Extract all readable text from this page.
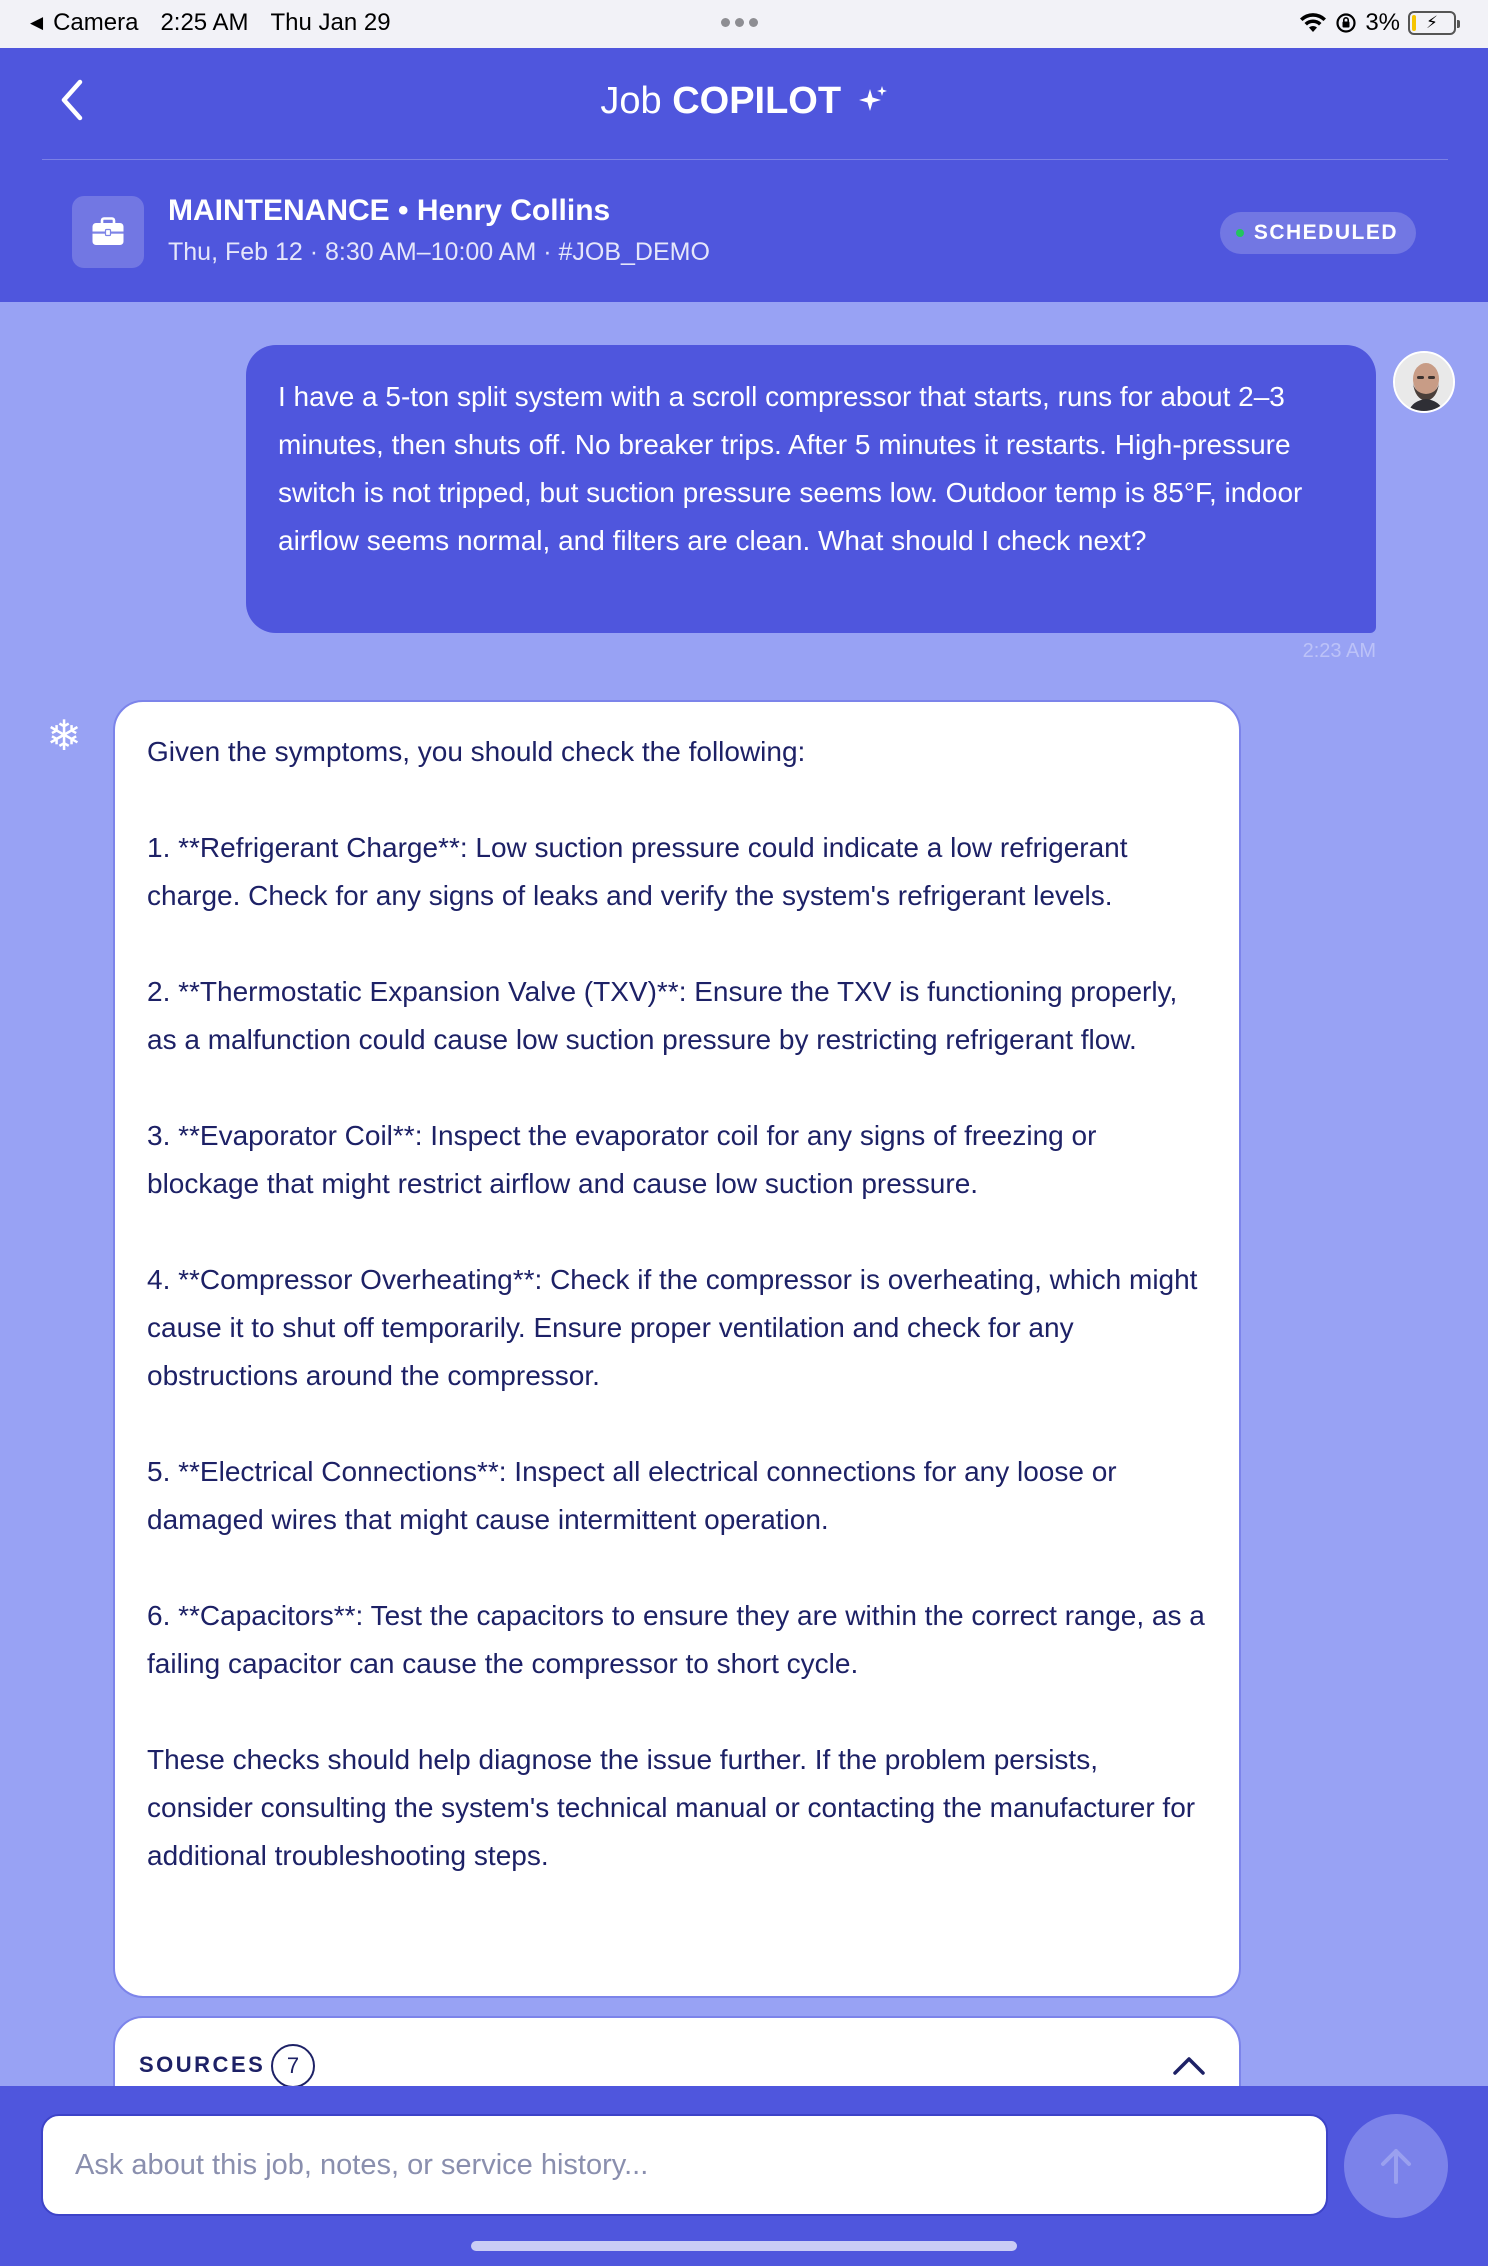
◀ Camera 2:25 AM Thu Jan 29	3% ⚡
Job COPILOT
MAINTENANCE • Henry Collins
Thu, Feb 12 · 8:30 AM–10:00 AM · #JOB_DEMO
SCHEDULED
I have a 5-ton split system with a scroll compressor that starts, runs for about 2–3 minutes, then shuts off. No breaker trips. After 5 minutes it restarts. High-pressure switch is not tripped, but suction pressure seems low. Outdoor temp is 85°F, indoor airflow seems normal, and filters are clean. What should I check next?
2:23 AM
❄ Given the symptoms, you should check the following:

1. **Refrigerant Charge**: Low suction pressure could indicate a low refrigerant charge. Check for any signs of leaks and verify the system's refrigerant levels.

2. **Thermostatic Expansion Valve (TXV)**: Ensure the TXV is functioning properly, as a malfunction could cause low suction pressure by restricting refrigerant flow.

3. **Evaporator Coil**: Inspect the evaporator coil for any signs of freezing or blockage that might restrict airflow and cause low suction pressure.

4. **Compressor Overheating**: Check if the compressor is overheating, which might cause it to shut off temporarily. Ensure proper ventilation and check for any obstructions around the compressor.

5. **Electrical Connections**: Inspect all electrical connections for any loose or damaged wires that might cause intermittent operation.

6. **Capacitors**: Test the capacitors to ensure they are within the correct range, as a failing capacitor can cause the compressor to short cycle.

These checks should help diagnose the issue further. If the problem persists, consider consulting the system's technical manual or contacting the manufacturer for additional troubleshooting steps.

SOURCES 7
Ask about this job, notes, or service history...
